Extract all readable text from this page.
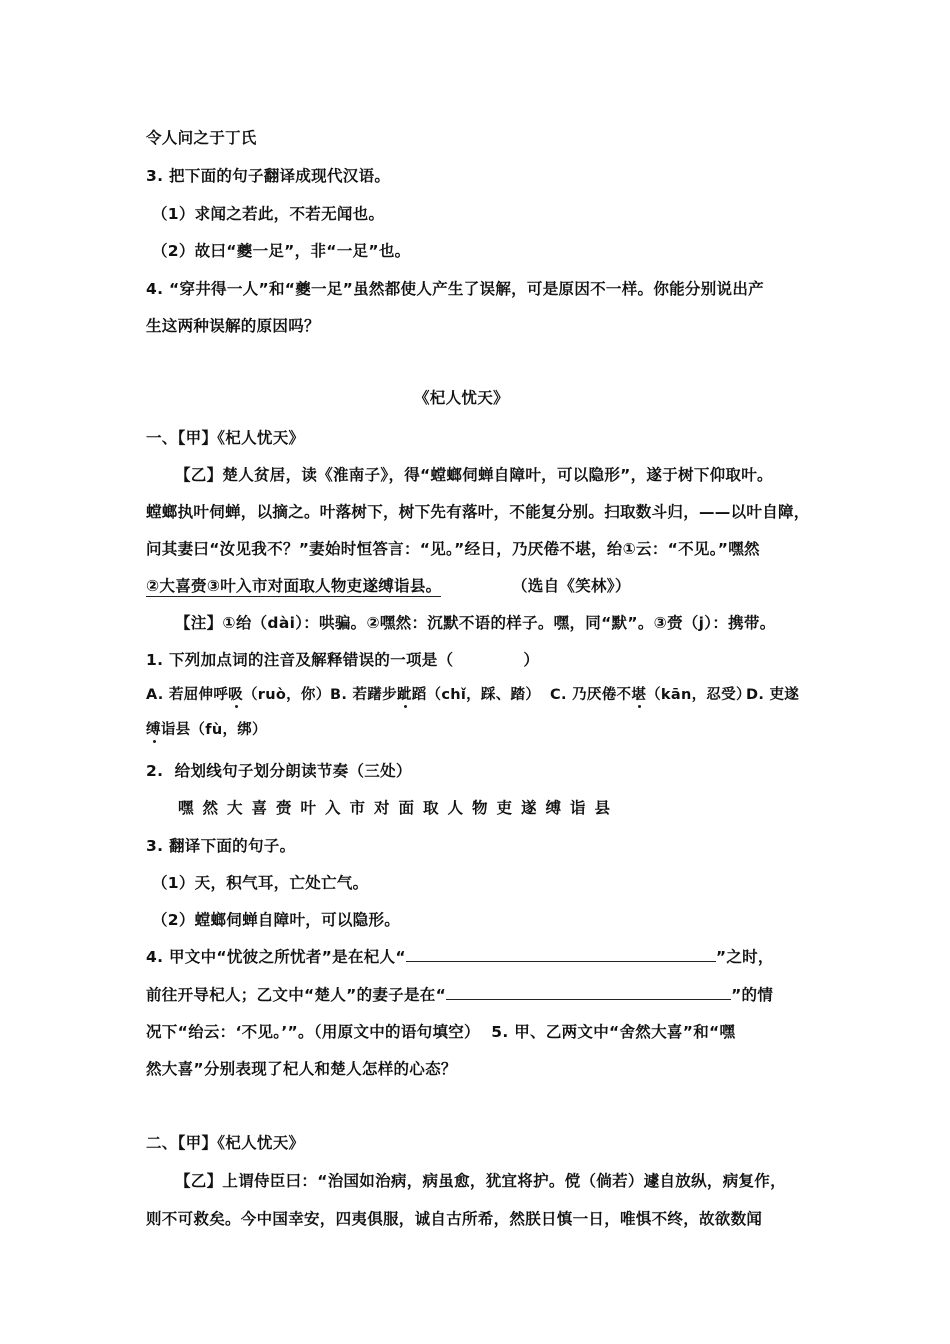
令人问之于丁氏
3. 把下面的句子翻译成现代汉语。
（1）求闻之若此，不若无闻也。
（2）故曰“夔一足”，非“一足”也。
4. “穿井得一人”和“夔一足”虽然都使人产生了误解，可是原因不一样。你能分别说出产
生这两种误解的原因吗？
《杞人忧天》
一、【甲】《杞人忧天》
【乙】楚人贫居，读《淮南子》，得“螳螂伺蝉自障叶，可以隐形”，遂于树下仰取叶。
螳螂执叶伺蝉，以摘之。叶落树下，树下先有落叶，不能复分别。扫取数斗归，——以叶自障，
问其妻曰“汝见我不？”妻始时恒答言：“见。”经日，乃厌倦不堪，绐①云：“不见。”嘿然
②大喜赍③叶入市对面取人物吏遂缚诣县。	（选自《笑林》）
【注】①绐（dài）：哄骗。②嘿然：沉默不语的样子。嘿，同“默”。③赍（j）：携带。
1. 下列加点词的注音及解释错误的一项是（	）
A. 若屈伸呼吸（ruò，你） B. 若躇步跐蹈（chǐ，踩、踏） C. 乃厌倦不堪（kān，忍受）
D. 吏遂
缚诣县（fù，绑）
2.  给划线句子划分朗读节奏（三处）
嘿然大喜赍叶入市对面取人物吏遂缚诣县
3. 翻译下面的句子。
（1）天，积气耳，亡处亡气。
（2）螳螂伺蝉自障叶，可以隐形。
4. 甲文中“忧彼之所忧者”是在杞人“	”之时，
前往开导杞人；乙文中“楚人”的妻子是在“	”的情
况下“绐云：‘不见。’”。（用原文中的语句填空）  5. 甲、乙两文中“舍然大喜”和“嘿
然大喜”分别表现了杞人和楚人怎样的心态？
二、【甲】《杞人忧天》
【乙】上谓侍臣曰：“治国如治病，病虽愈，犹宜将护。傥（倘若）遽自放纵，病复作，
则不可救矣。今中国幸安，四夷俱服，诚自古所希，然朕日慎一日，唯惧不终，故欲数闻
